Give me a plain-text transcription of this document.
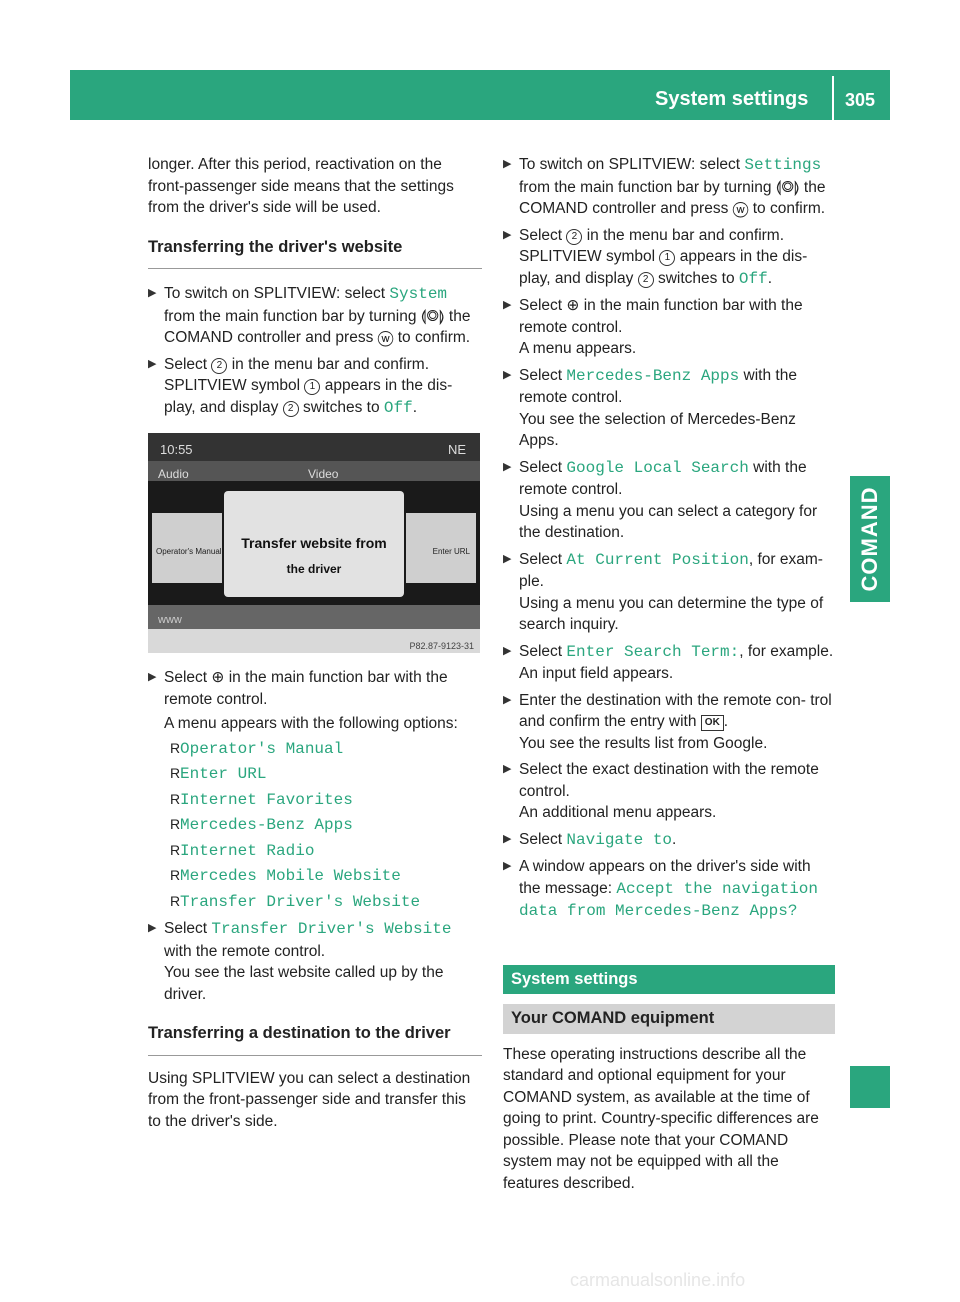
System settings 305
COMAND

longer. After this period, reactivation on the front-passenger side means that the settings from the driver's side will be used.

Transferring the driver's website
▶ To switch on SPLITVIEW: select System from the main function bar by turning ⟬◎⟭ the COMAND controller and press ⓦ to confirm.
▶ Select 2 in the menu bar and confirm. SPLITVIEW symbol 1 appears in the dis- play, and display 2 switches to Off.
10:55	NE
Audio	Video
Operator's Manual	Enter URL
Transfer website from
the driver
www
P82.87-9123-31
▶ Select ⊕ in the main function bar with the remote control.
A menu appears with the following options:
R Operator's Manual
R Enter URL
R Internet Favorites
R Mercedes-Benz Apps
R Internet Radio
R Mercedes Mobile Website
R Transfer Driver's Website
▶ Select Transfer Driver's Website with the remote control.
You see the last website called up by the driver.
Transferring a destination to the driver

Using SPLITVIEW you can select a destination from the front-passenger side and transfer this to the driver's side.

▶ To switch on SPLITVIEW: select Settings from the main function bar by turning ⟬◎⟭ the COMAND controller and press ⓦ to confirm.
▶ Select 2 in the menu bar and confirm. SPLITVIEW symbol 1 appears in the dis- play, and display 2 switches to Off.
▶ Select ⊕ in the main function bar with the remote control.
A menu appears.
▶ Select Mercedes-Benz Apps with the remote control.
You see the selection of Mercedes-Benz Apps.
▶ Select Google Local Search with the remote control.
Using a menu you can select a category for the destination.
▶ Select At Current Position, for exam- ple.
Using a menu you can determine the type of search inquiry.
▶ Select Enter Search Term:, for example.
An input field appears.
▶ Enter the destination with the remote con- trol and confirm the entry with OK .
You see the results list from Google.
▶ Select the exact destination with the remote control.
An additional menu appears.
▶ Select Navigate to.
▶ A window appears on the driver's side with the message: Accept the navigation data from Mercedes-Benz Apps?
System settings
Your COMAND equipment

These operating instructions describe all the standard and optional equipment for your COMAND system, as available at the time of going to print. Country-specific differences are possible. Please note that your COMAND system may not be equipped with all the features described.

carmanualsonline.info
